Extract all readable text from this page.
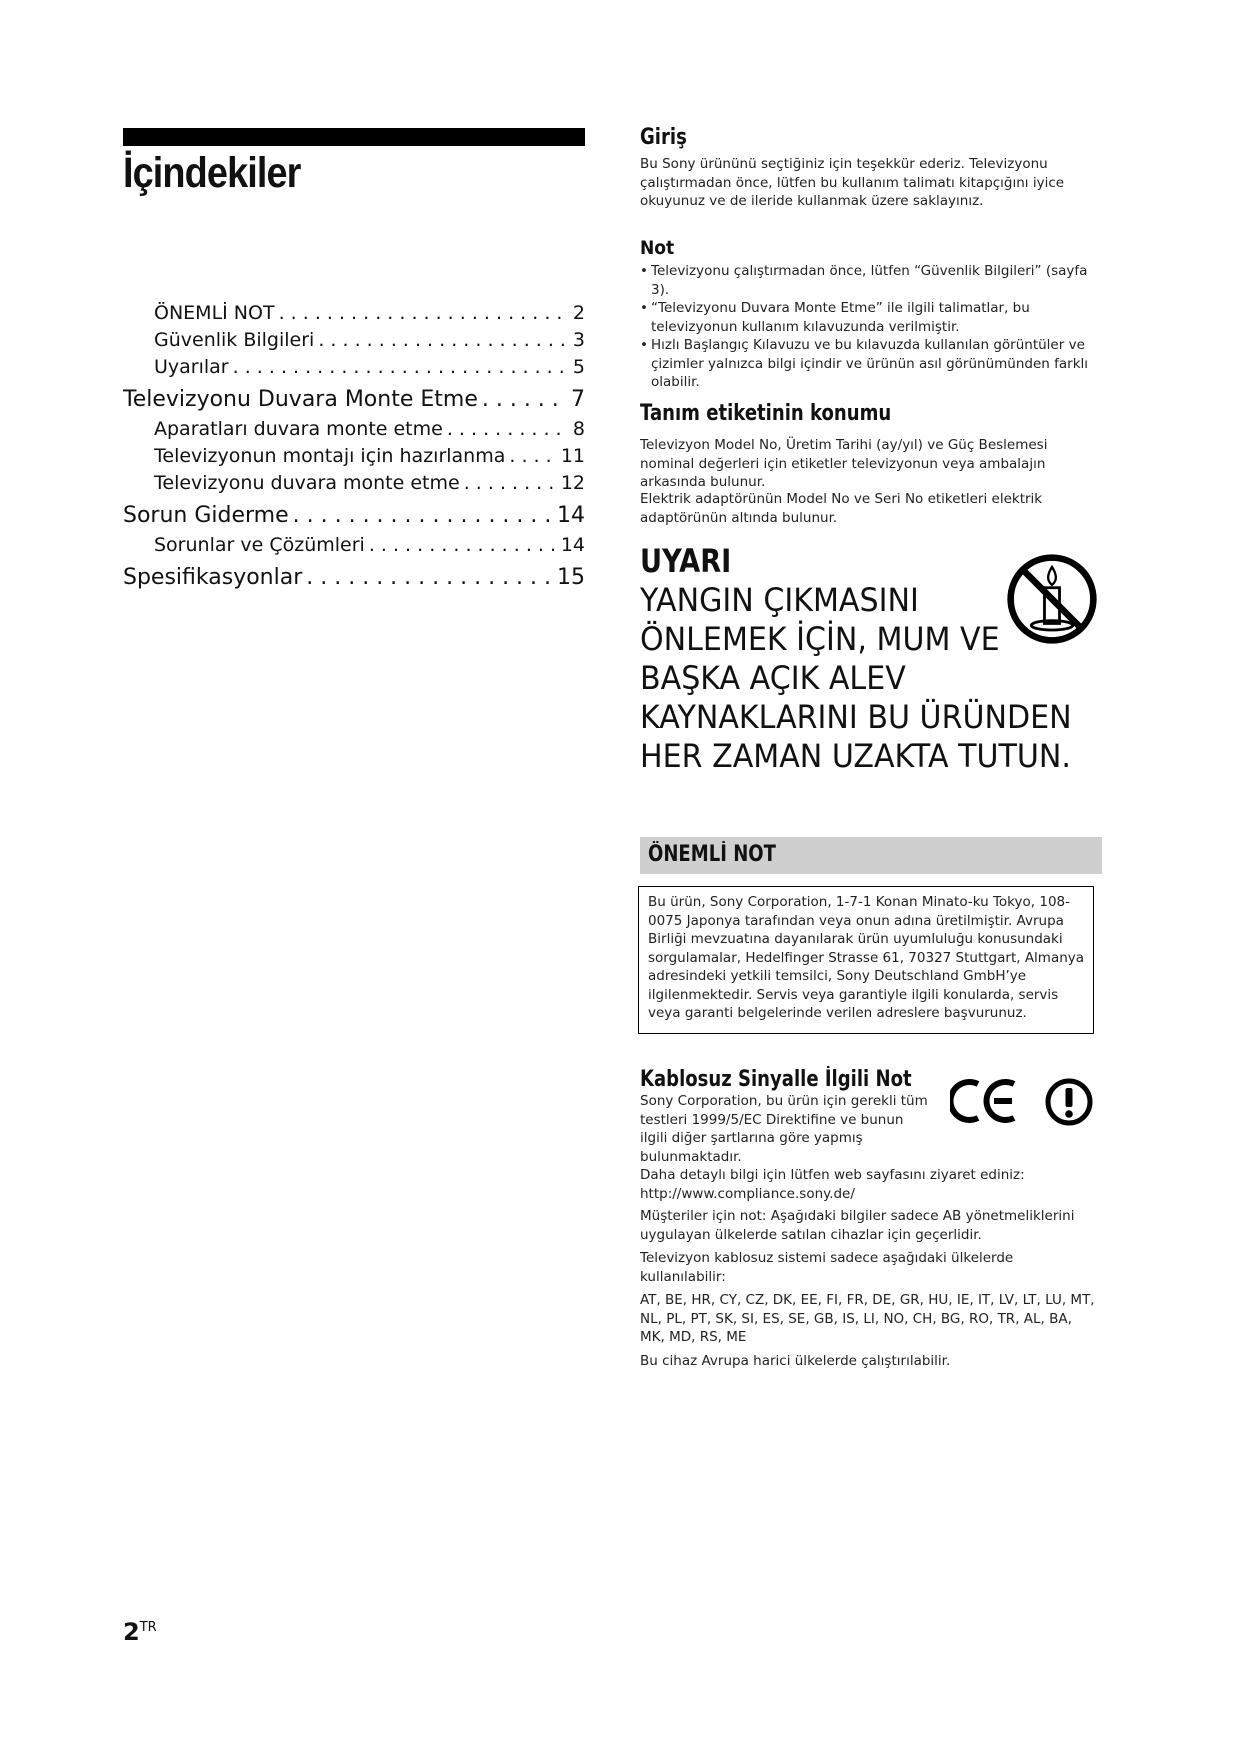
İçindekiler
ÖNEMLİ NOT . . .	2
Güvenlik Bilgileri . . .	3
Uyarılar . . .	5
Televizyonu Duvara Monte Etme . . .	7
Aparatları duvara monte etme . . .	8
Televizyonun montajı için hazırlanma . . .	11
Televizyonu duvara monte etme . . .	12
Sorun Giderme . . .	14
Sorunlar ve Çözümleri . . .	14
Spesifikasyonlar . . .	15
Giriş

Bu Sony ürününü seçtiğiniz için teşekkür ederiz. Televizyonu çalıştırmadan önce, lütfen bu kullanım talimatı kitapçığını iyice okuyunuz ve de ileride kullanmak üzere saklayınız.

Not
• Televizyonu çalıştırmadan önce, lütfen “Güvenlik Bilgileri” (sayfa 3).
• “Televizyonu Duvara Monte Etme” ile ilgili talimatlar, bu televizyonun kullanım kılavuzunda verilmiştir.
• Hızlı Başlangıç Kılavuzu ve bu kılavuzda kullanılan görüntüler ve çizimler yalnızca bilgi içindir ve ürünün asıl görünümünden farklı olabilir.
Tanım etiketinin konumu

Televizyon Model No, Üretim Tarihi (ay/yıl) ve Güç Beslemesi nominal değerleri için etiketler televizyonun veya ambalajın arkasında bulunur.

Elektrik adaptörünün Model No ve Seri No etiketleri elektrik adaptörünün altında bulunur.

UYARI

YANGIN ÇIKMASINI ÖNLEMEK İÇİN, MUM VE BAŞKA AÇIK ALEV KAYNAKLARINI BU ÜRÜNDEN HER ZAMAN UZAKTA TUTUN.

ÖNEMLİ NOT

Bu ürün, Sony Corporation, 1-7-1 Konan Minato-ku Tokyo, 108-0075 Japonya tarafından veya onun adına üretilmiştir. Avrupa Birliği mevzuatına dayanılarak ürün uyumluluğu konusundaki sorgulamalar, Hedelfinger Strasse 61, 70327 Stuttgart, Almanya adresindeki yetkili temsilci, Sony Deutschland GmbH’ye ilgilenmektedir. Servis veya garantiyle ilgili konularda, servis veya garanti belgelerinde verilen adreslere başvurunuz.

Kablosuz Sinyalle İlgili Not

Sony Corporation, bu ürün için gerekli tüm testleri 1999/5/EC Direktifine ve bunun ilgili diğer şartlarına göre yapmış bulunmaktadır.

Daha detaylı bilgi için lütfen web sayfasını ziyaret ediniz:

http://www.compliance.sony.de/

Müşteriler için not: Aşağıdaki bilgiler sadece AB yönetmeliklerini uygulayan ülkelerde satılan cihazlar için geçerlidir.

Televizyon kablosuz sistemi sadece aşağıdaki ülkelerde kullanılabilir:

AT, BE, HR, CY, CZ, DK, EE, FI, FR, DE, GR, HU, IE, IT, LV, LT, LU, MT, NL, PL, PT, SK, SI, ES, SE, GB, IS, LI, NO, CH, BG, RO, TR, AL, BA, MK, MD, RS, ME

Bu cihaz Avrupa harici ülkelerde çalıştırılabilir.

$2^{TR}$
